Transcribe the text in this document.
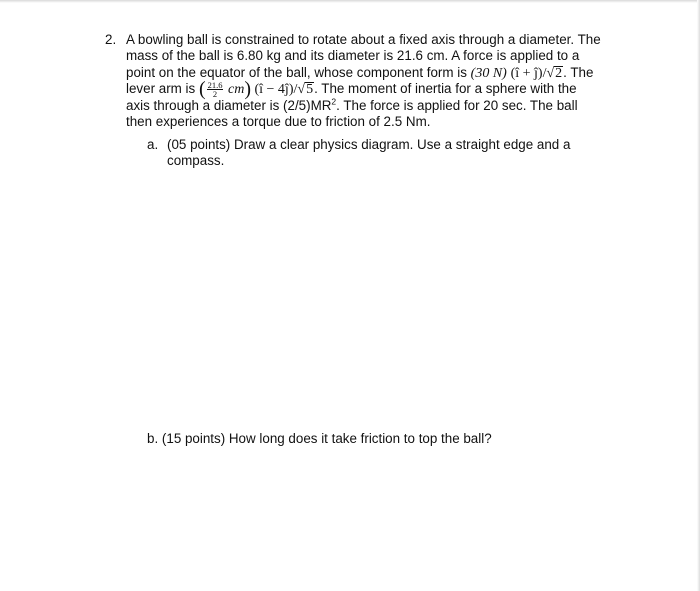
2. A bowling ball is constrained to rotate about a fixed axis through a diameter. The
mass of the ball is 6.80 kg and its diameter is 21.6 cm. A force is applied to a
point on the equator of the ball, whose component form is (30 N) (î + ĵ)/√2. The
lever arm is ( $\frac{21.6}{2} cm$) (î − 4ĵ)/√5. The moment of inertia for a sphere with the
axis through a diameter is $(2/5)MR^2$. The force is applied for 20 sec. The ball
then experiences a torque due to friction of 2.5 Nm.
a. (05 points) Draw a clear physics diagram. Use a straight edge and a
compass.
b. (15 points) How long does it take friction to top the ball?
